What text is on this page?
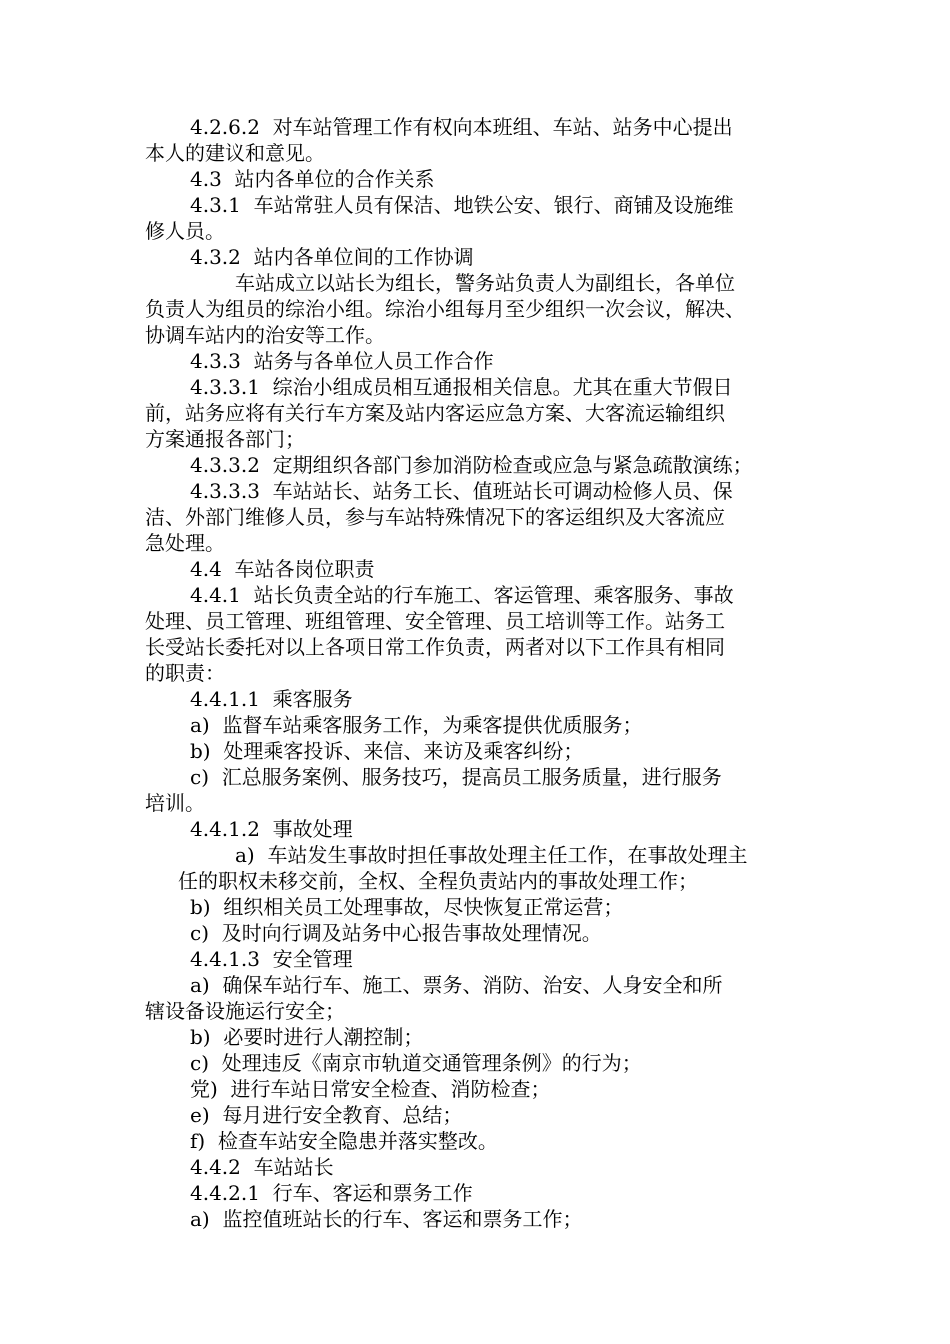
4.2.6.2  对车站管理工作有权向本班组、车站、站务中心提出
本人的建议和意见。
4.3  站内各单位的合作关系
4.3.1  车站常驻人员有保洁、地铁公安、银行、商铺及设施维
修人员。
4.3.2  站内各单位间的工作协调
车站成立以站长为组长，警务站负责人为副组长，各单位
负责人为组员的综治小组。综治小组每月至少组织一次会议，解决、
协调车站内的治安等工作。
4.3.3  站务与各单位人员工作合作
4.3.3.1  综治小组成员相互通报相关信息。尤其在重大节假日
前，站务应将有关行车方案及站内客运应急方案、大客流运输组织
方案通报各部门；
4.3.3.2  定期组织各部门参加消防检查或应急与紧急疏散演练；
4.3.3.3  车站站长、站务工长、值班站长可调动检修人员、保
洁、外部门维修人员，参与车站特殊情况下的客运组织及大客流应
急处理。
4.4  车站各岗位职责
4.4.1  站长负责全站的行车施工、客运管理、乘客服务、事故
处理、员工管理、班组管理、安全管理、员工培训等工作。站务工
长受站长委托对以上各项日常工作负责，两者对以下工作具有相同
的职责：
4.4.1.1  乘客服务
a)  监督车站乘客服务工作，为乘客提供优质服务；
b)  处理乘客投诉、来信、来访及乘客纠纷；
c)  汇总服务案例、服务技巧，提高员工服务质量，进行服务
培训。
4.4.1.2  事故处理
a)  车站发生事故时担任事故处理主任工作，在事故处理主
任的职权未移交前，全权、全程负责站内的事故处理工作；
b)  组织相关员工处理事故，尽快恢复正常运营；
c)  及时向行调及站务中心报告事故处理情况。
4.4.1.3  安全管理
a)  确保车站行车、施工、票务、消防、治安、人身安全和所
辖设备设施运行安全；
b)  必要时进行人潮控制；
c)  处理违反《南京市轨道交通管理条例》的行为；
党)  进行车站日常安全检查、消防检查；
e)  每月进行安全教育、总结；
f)  检查车站安全隐患并落实整改。
4.4.2  车站站长
4.4.2.1  行车、客运和票务工作
a)  监控值班站长的行车、客运和票务工作；
